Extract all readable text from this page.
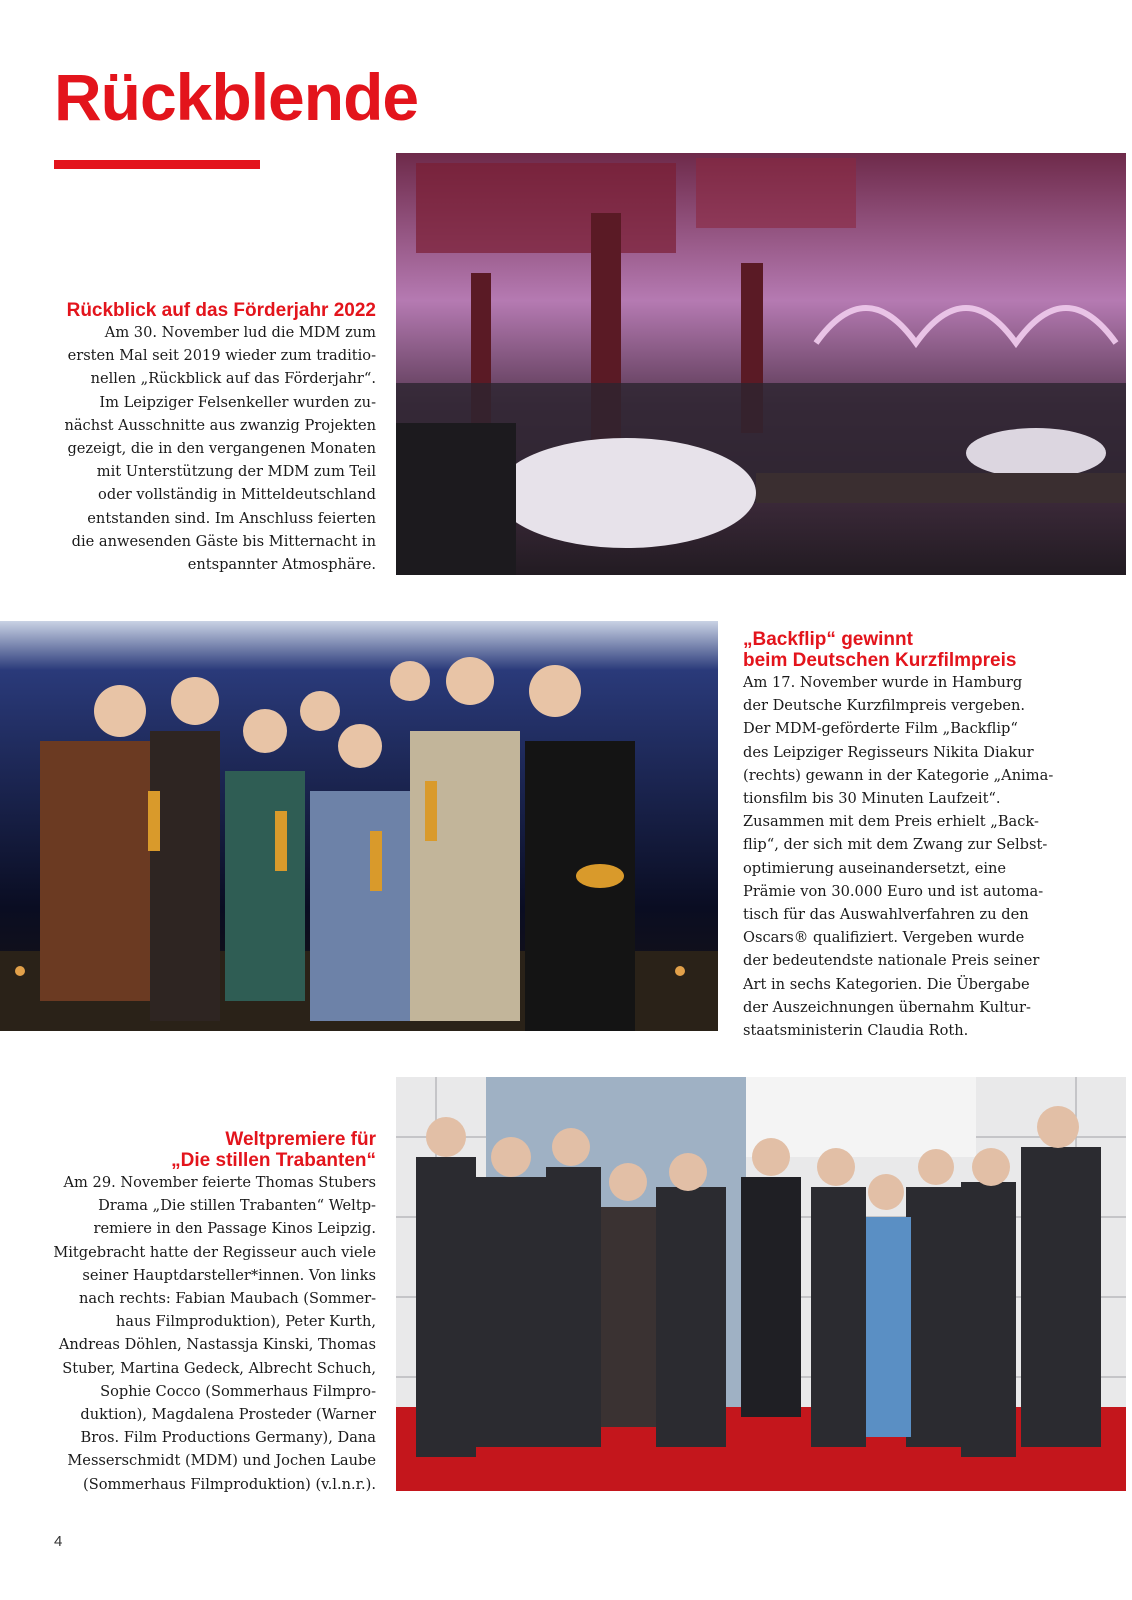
Rückblende
Rückblick auf das Förderjahr 2022

Am 30. November lud die MDM zum
ersten Mal seit 2019 wieder zum traditio-
nellen „Rückblick auf das Förderjahr“.
Im Leipziger Felsenkeller wurden zu-
nächst Ausschnitte aus zwanzig Projekten
gezeigt, die in den vergangenen Monaten
mit Unterstützung der MDM zum Teil
oder vollständig in Mitteldeutschland
entstanden sind. Im Anschluss feierten
die anwesenden Gäste bis Mitternacht in
entspannter Atmosphäre.

„Backflip“ gewinnt
beim Deutschen Kurzfilmpreis

Am 17. November wurde in Hamburg
der Deutsche Kurzfilmpreis vergeben.
Der MDM-geförderte Film „Backflip“
des Leipziger Regisseurs Nikita Diakur
(rechts) gewann in der Kategorie „Anima-
tionsfilm bis 30 Minuten Laufzeit“.
Zusammen mit dem Preis erhielt „Back-
flip“, der sich mit dem Zwang zur Selbst-
optimierung auseinandersetzt, eine
Prämie von 30.000 Euro und ist automa-
tisch für das Auswahlverfahren zu den
Oscars® qualifiziert. Vergeben wurde
der bedeutendste nationale Preis seiner
Art in sechs Kategorien. Die Übergabe
der Auszeichnungen übernahm Kultur-
staatsministerin Claudia Roth.

Weltpremiere für
„Die stillen Trabanten“

Am 29. November feierte Thomas Stubers
Drama „Die stillen Trabanten“ Weltp-
remiere in den Passage Kinos Leipzig.
Mitgebracht hatte der Regisseur auch viele
seiner Hauptdarsteller*innen. Von links
nach rechts: Fabian Maubach (Sommer-
haus Filmproduktion), Peter Kurth,
Andreas Döhlen, Nastassja Kinski, Thomas
Stuber, Martina Gedeck, Albrecht Schuch,
Sophie Cocco (Sommerhaus Filmpro-
duktion), Magdalena Prosteder (Warner
Bros. Film Productions Germany), Dana
Messerschmidt (MDM) und Jochen Laube
(Sommerhaus Filmproduktion) (v.l.n.r.).

4
